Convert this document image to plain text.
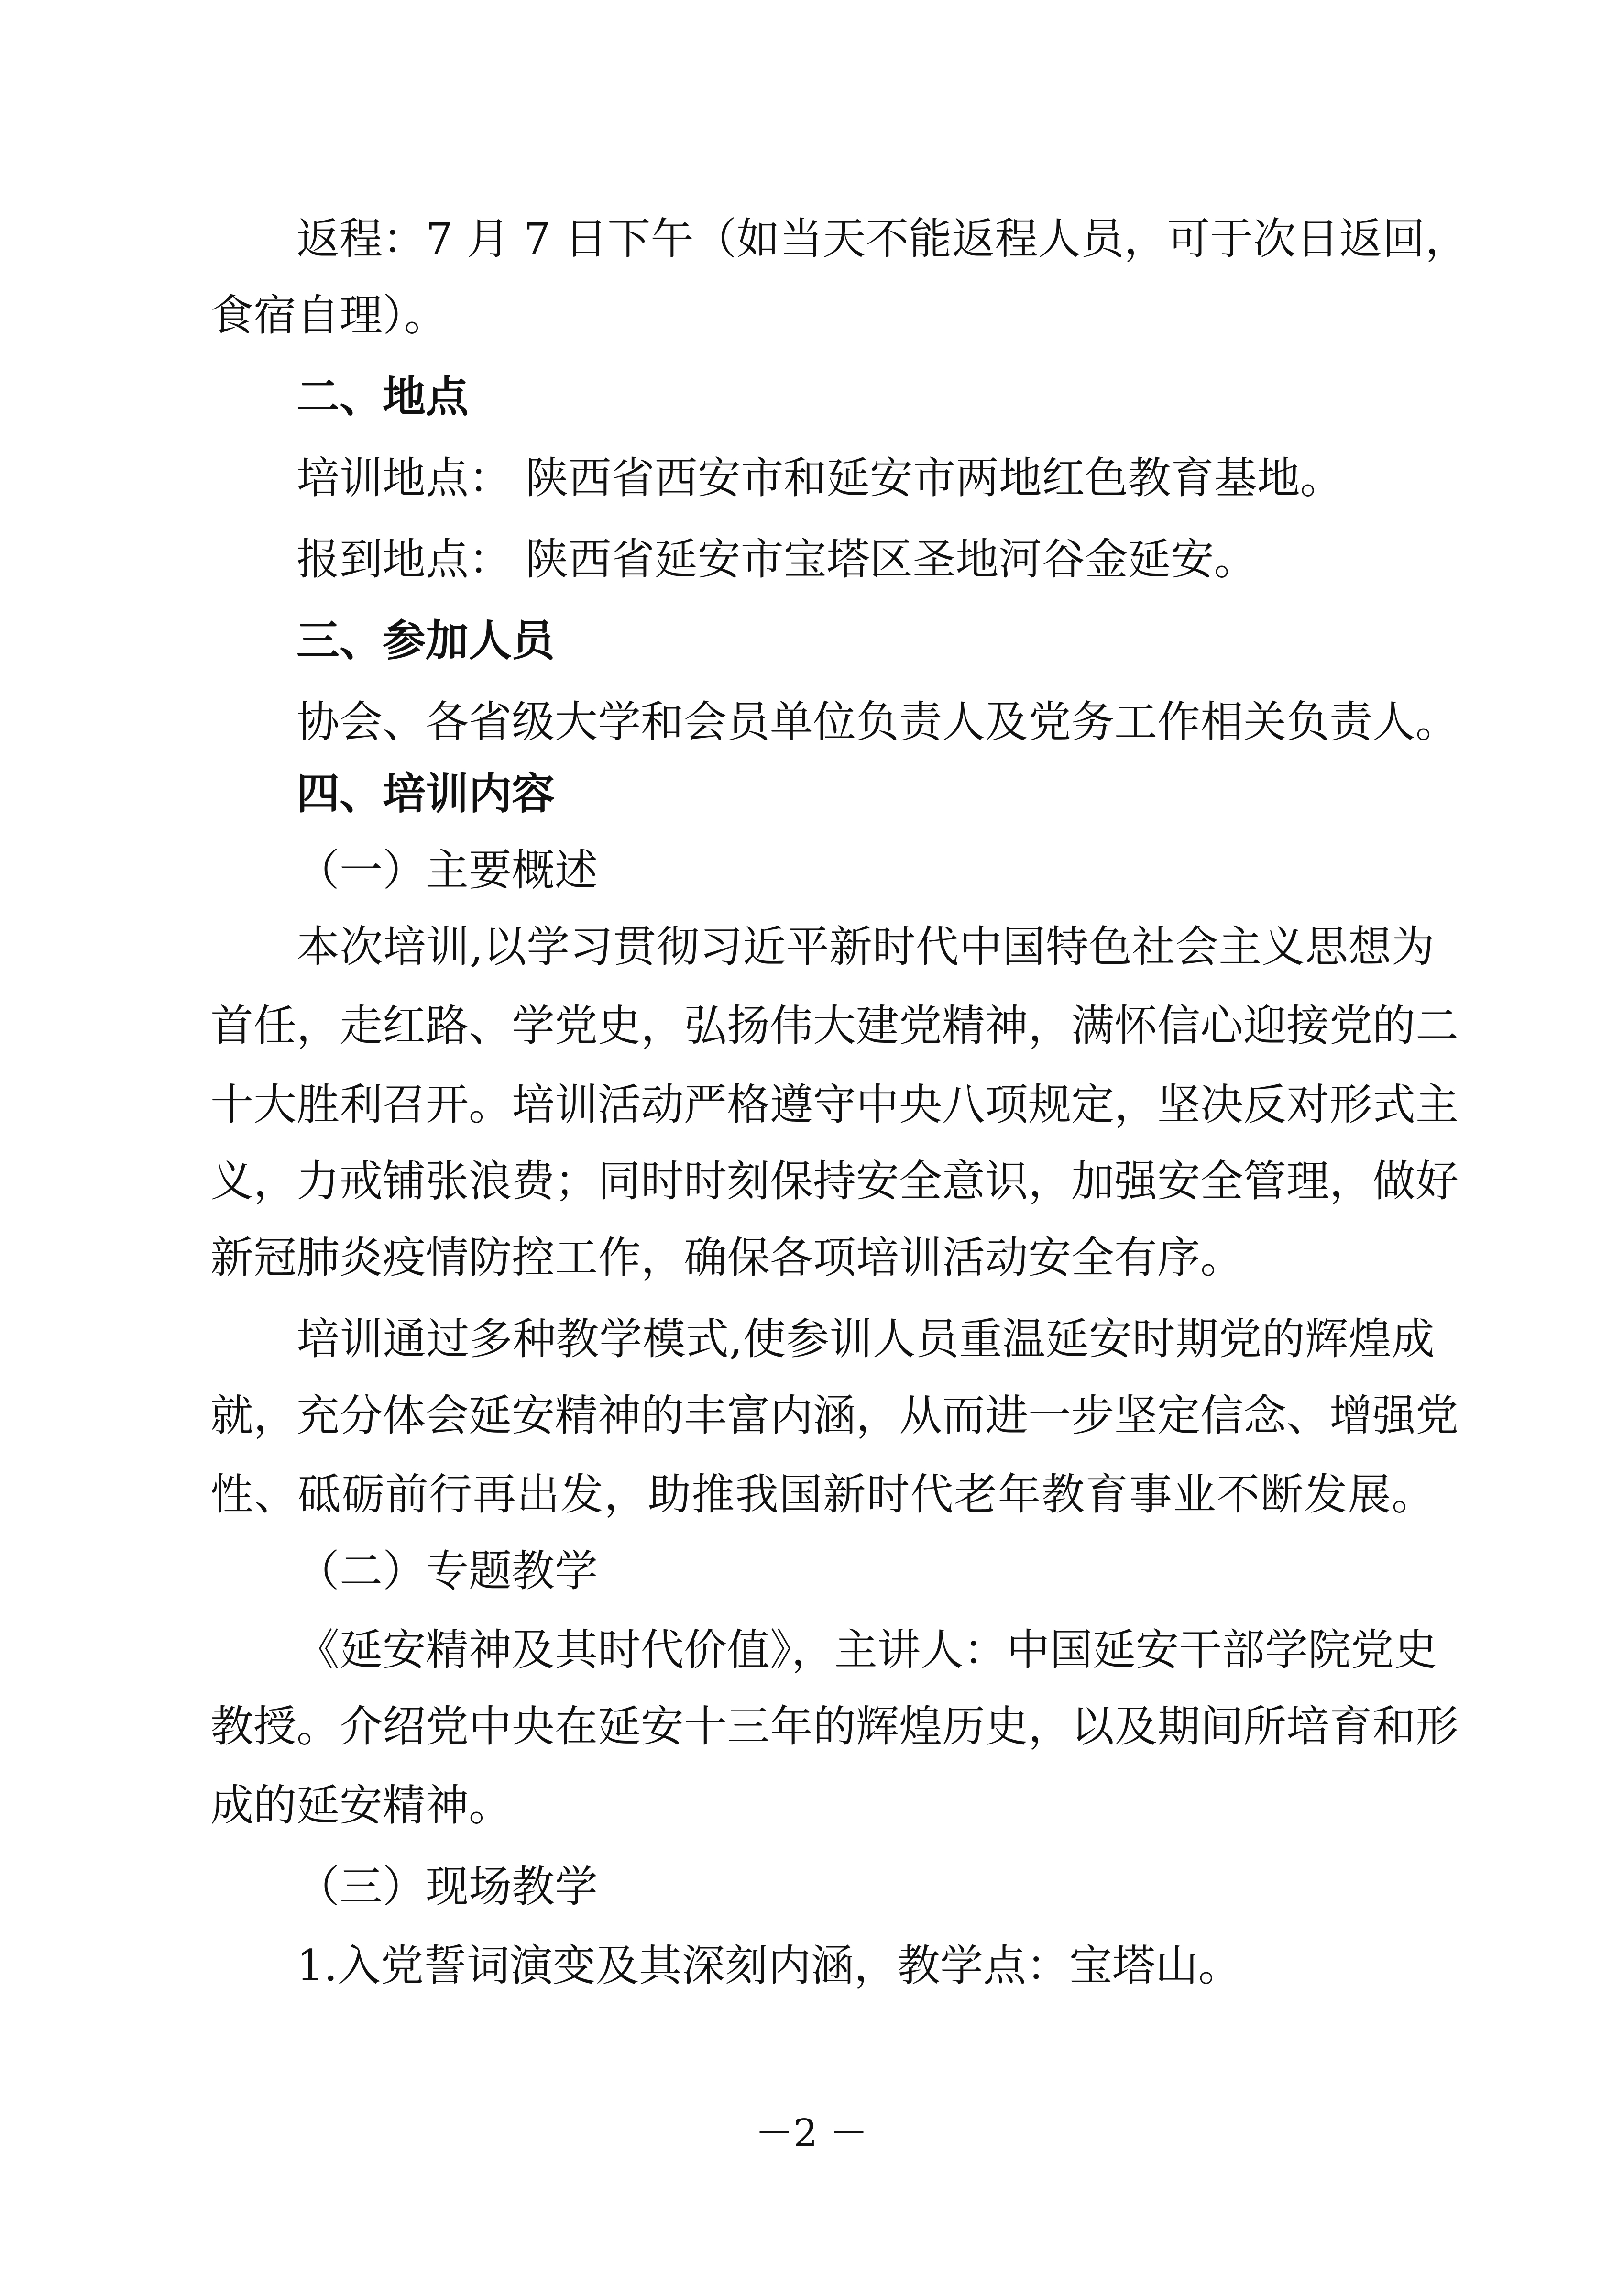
返程：7 月 7 日下午（如当天不能返程人员，可于次日返回，
食宿自理）。
二、地点
培训地点： 陕西省西安市和延安市两地红色教育基地。
报到地点： 陕西省延安市宝塔区圣地河谷金延安。
三、参加人员
协会、各省级大学和会员单位负责人及党务工作相关负责人。
四、培训内容
（一）主要概述
本次培训,以学习贯彻习近平新时代中国特色社会主义思想为
首任，走红路、学党史，弘扬伟大建党精神，满怀信心迎接党的二
十大胜利召开。培训活动严格遵守中央八项规定，坚决反对形式主
义，力戒铺张浪费；同时时刻保持安全意识，加强安全管理，做好
新冠肺炎疫情防控工作，确保各项培训活动安全有序。
培训通过多种教学模式,使参训人员重温延安时期党的辉煌成
就，充分体会延安精神的丰富内涵，从而进一步坚定信念、增强党
性、砥砺前行再出发，助推我国新时代老年教育事业不断发展。
（二）专题教学
《延安精神及其时代价值》，主讲人：中国延安干部学院党史
教授。介绍党中央在延安十三年的辉煌历史，以及期间所培育和形
成的延安精神。
（三）现场教学
1.入党誓词演变及其深刻内涵，教学点：宝塔山。
－2 －
